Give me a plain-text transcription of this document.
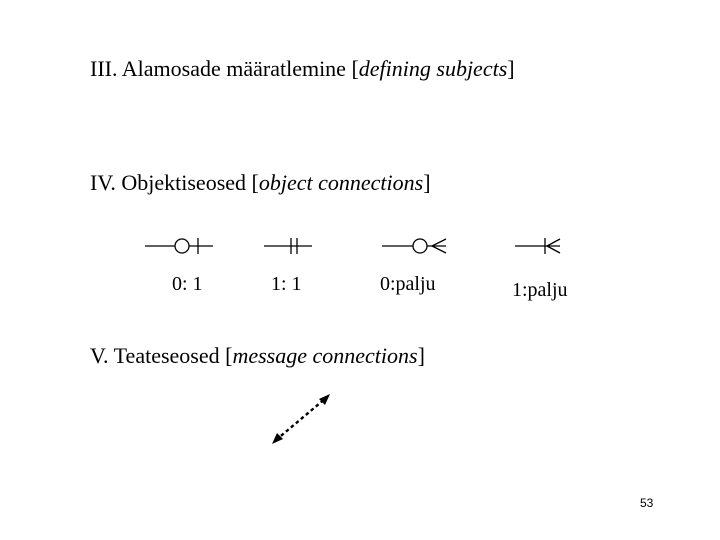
III. Alamosade määratlemine [defining subjects]
IV. Objektiseosed [object connections]
0: 1	1: 1	0:palju	1:palju
V. Teateseosed [message connections]
53
